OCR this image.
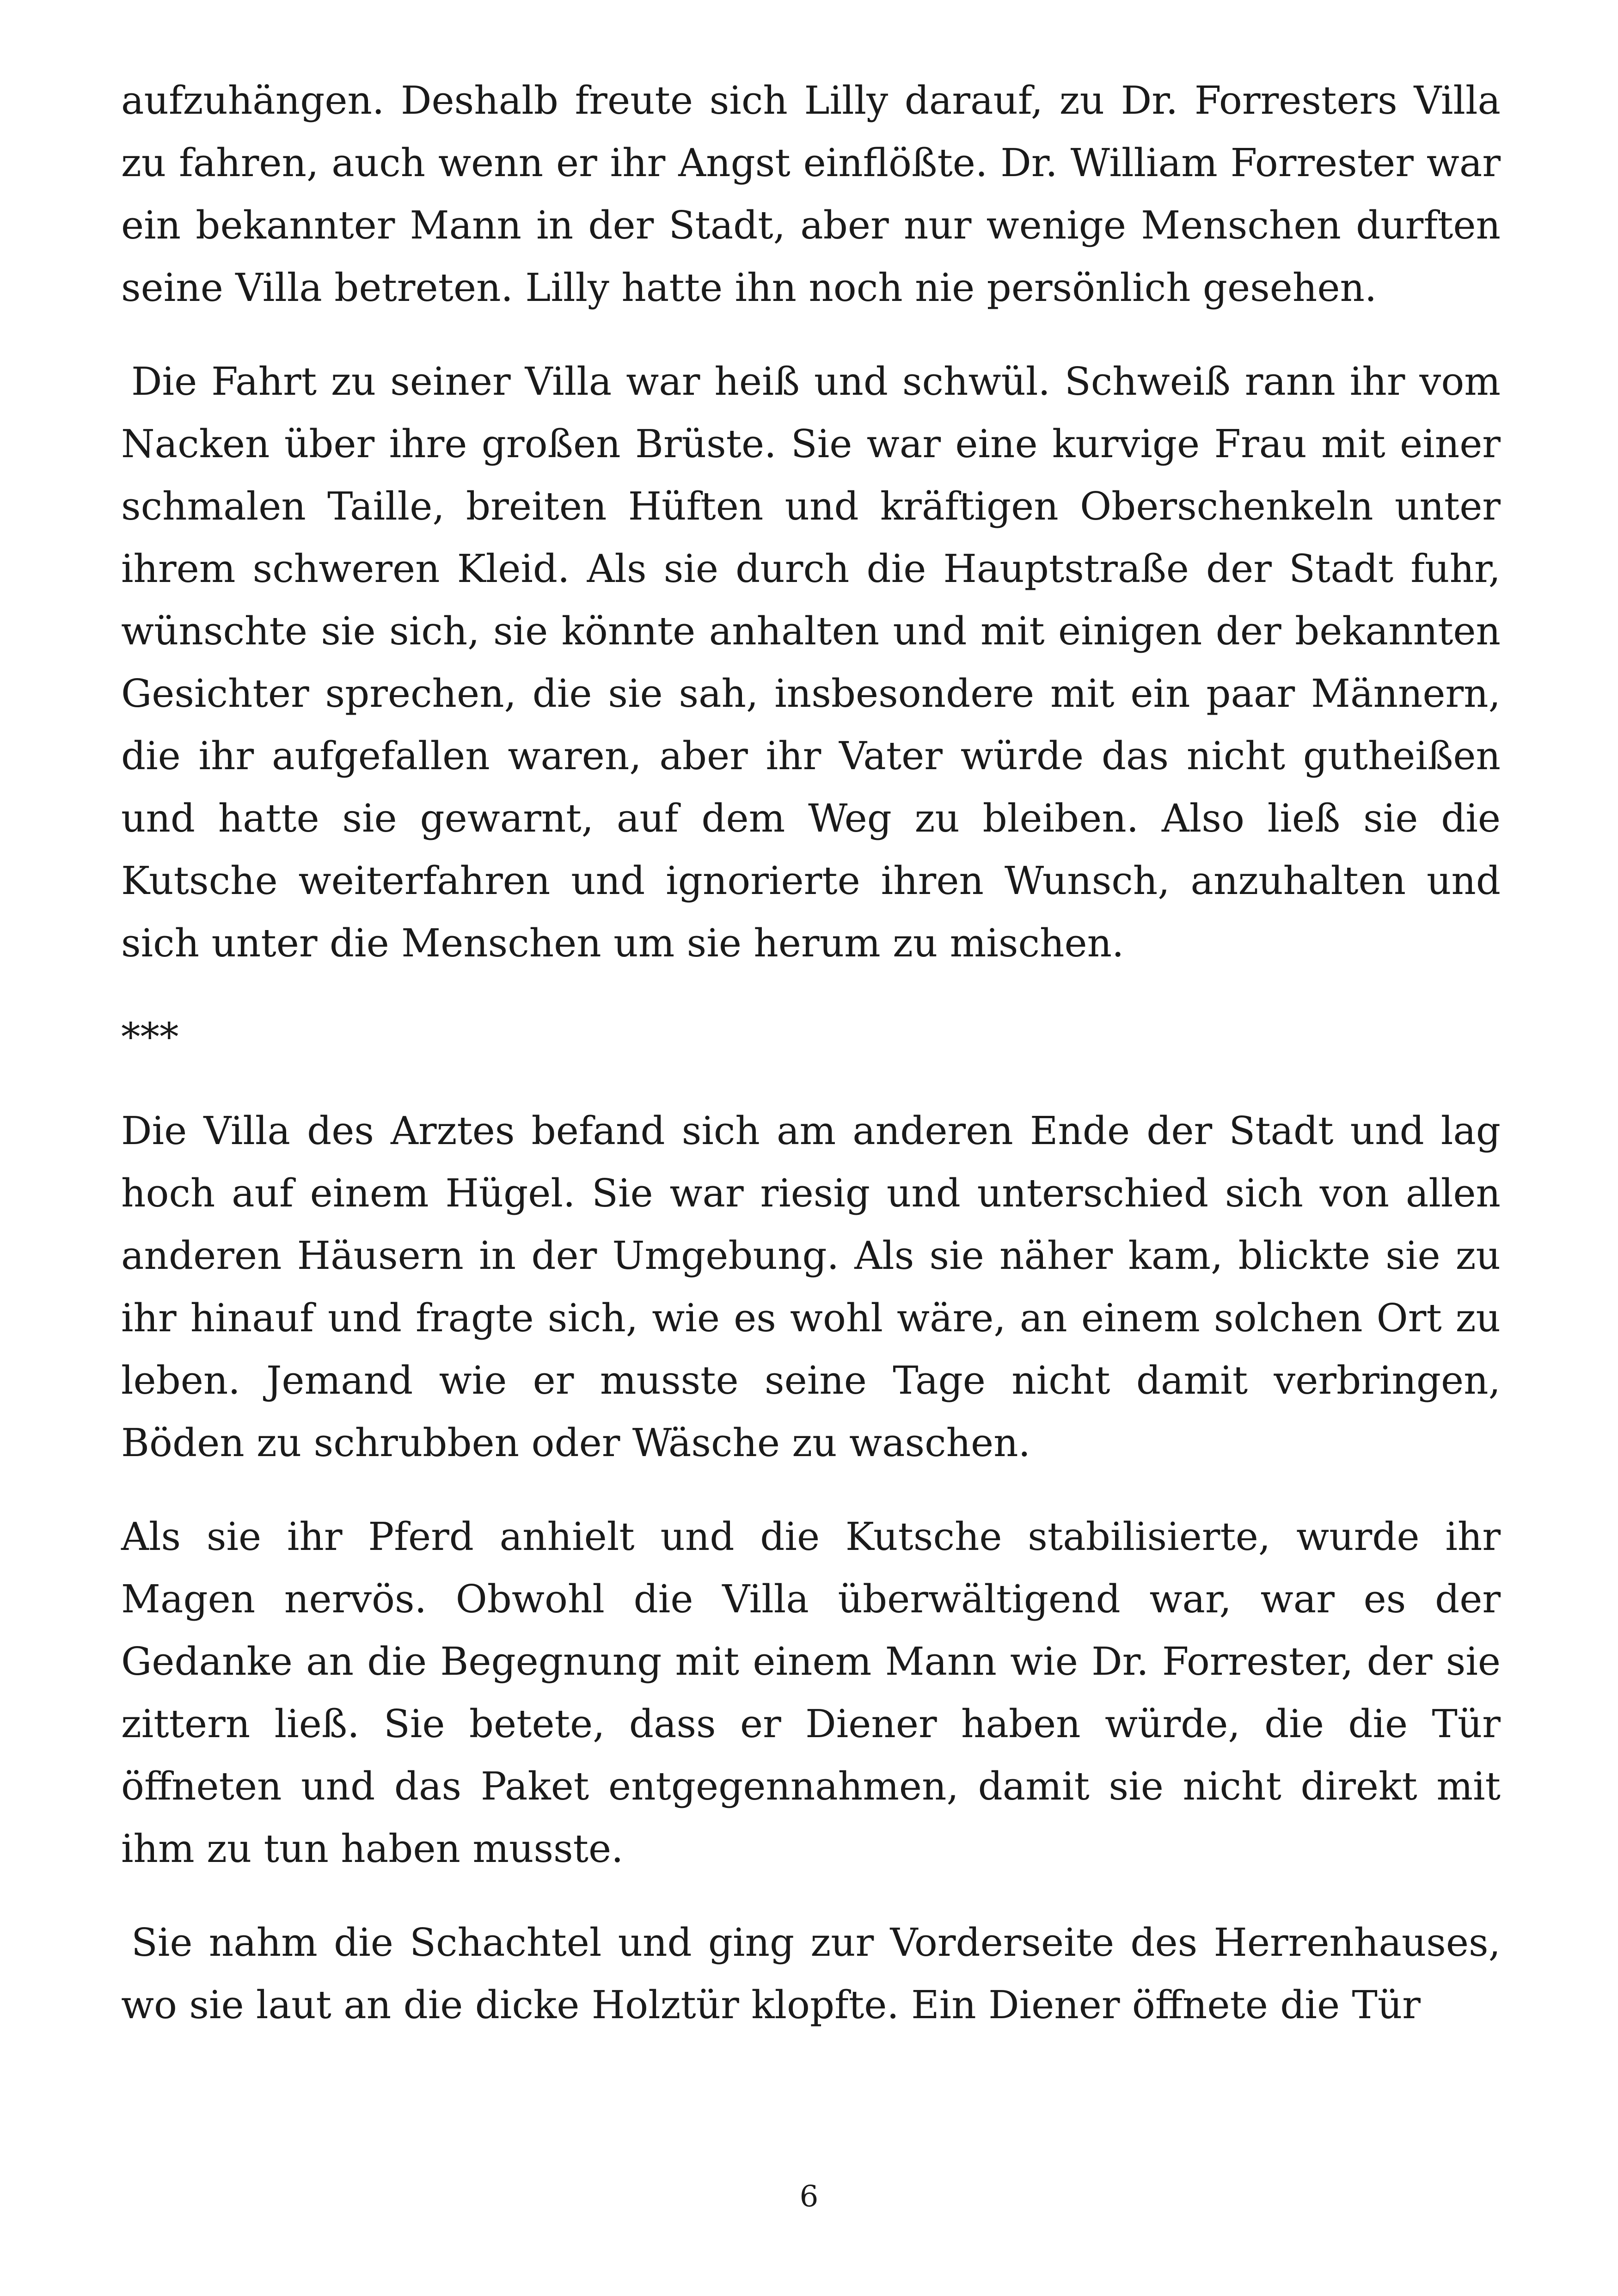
aufzuhängen. Deshalb freute sich Lilly darauf, zu Dr. Forresters Villa zu fahren, auch wenn er ihr Angst einflößte. Dr. William Forrester war ein bekannter Mann in der Stadt, aber nur wenige Menschen durften seine Villa betreten. Lilly hatte ihn noch nie persönlich gesehen.

Die Fahrt zu seiner Villa war heiß und schwül. Schweiß rann ihr vom Nacken über ihre großen Brüste. Sie war eine kurvige Frau mit einer schmalen Taille, breiten Hüften und kräftigen Oberschenkeln unter ihrem schweren Kleid. Als sie durch die Hauptstraße der Stadt fuhr, wünschte sie sich, sie könnte anhalten und mit einigen der bekannten Gesichter sprechen, die sie sah, insbesondere mit ein paar Männern, die ihr aufgefallen waren, aber ihr Vater würde das nicht gutheißen und hatte sie gewarnt, auf dem Weg zu bleiben. Also ließ sie die Kutsche weiterfahren und ignorierte ihren Wunsch, anzuhalten und sich unter die Menschen um sie herum zu mischen.

***

Die Villa des Arztes befand sich am anderen Ende der Stadt und lag hoch auf einem Hügel. Sie war riesig und unterschied sich von allen anderen Häusern in der Umgebung. Als sie näher kam, blickte sie zu ihr hinauf und fragte sich, wie es wohl wäre, an einem solchen Ort zu leben. Jemand wie er musste seine Tage nicht damit verbringen, Böden zu schrubben oder Wäsche zu waschen.

Als sie ihr Pferd anhielt und die Kutsche stabilisierte, wurde ihr Magen nervös. Obwohl die Villa überwältigend war, war es der Gedanke an die Begegnung mit einem Mann wie Dr. Forrester, der sie zittern ließ. Sie betete, dass er Diener haben würde, die die Tür öffneten und das Paket entgegennahmen, damit sie nicht direkt mit ihm zu tun haben musste.

Sie nahm die Schachtel und ging zur Vorderseite des Herrenhauses, wo sie laut an die dicke Holztür klopfte. Ein Diener öffnete die Tür

6
